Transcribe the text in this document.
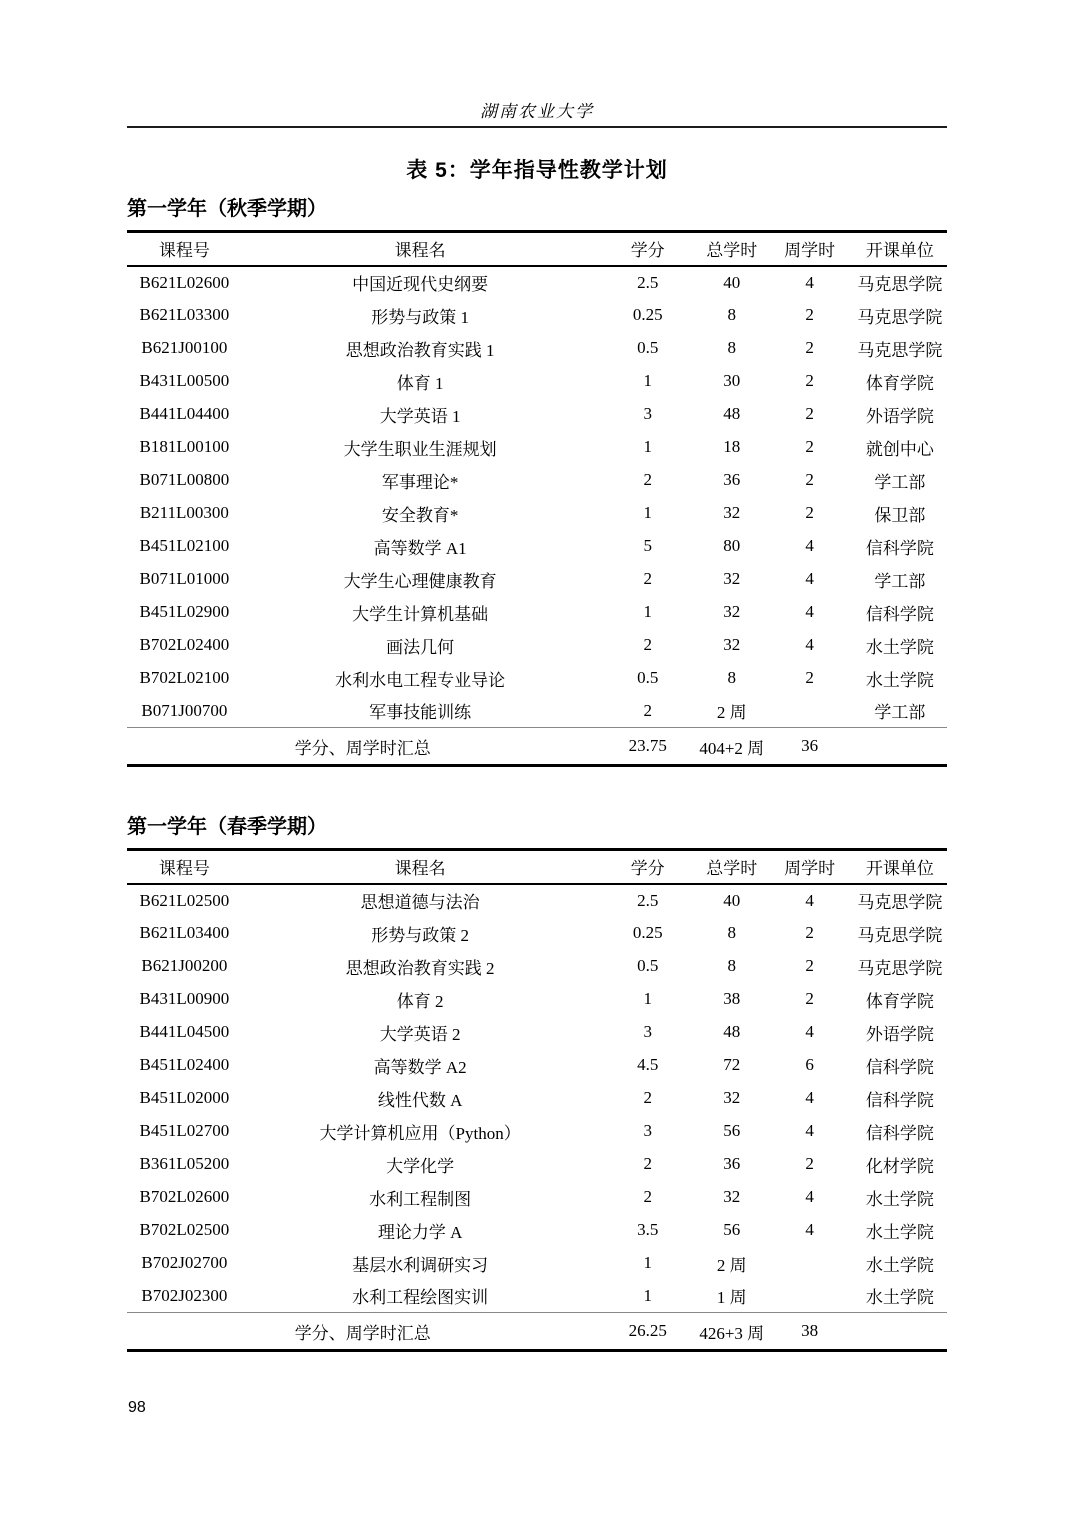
湖南农业大学
表 5：学年指导性教学计划
第一学年（秋季学期）
课程号	课程名	学分	总学时	周学时	开课单位
B621L02600	中国近现代史纲要	2.5	40	4	马克思学院
B621L03300	形势与政策 1	0.25	8	2	马克思学院
B621J00100	思想政治教育实践 1	0.5	8	2	马克思学院
B431L00500	体育 1	1	30	2	体育学院
B441L04400	大学英语 1	3	48	2	外语学院
B181L00100	大学生职业生涯规划	1	18	2	就创中心
B071L00800	军事理论*	2	36	2	学工部
B211L00300	安全教育*	1	32	2	保卫部
B451L02100	高等数学 A1	5	80	4	信科学院
B071L01000	大学生心理健康教育	2	32	4	学工部
B451L02900	大学生计算机基础	1	32	4	信科学院
B702L02400	画法几何	2	32	4	水土学院
B702L02100	水利水电工程专业导论	0.5	8	2	水土学院
B071J00700	军事技能训练	2	2 周		学工部
学分、周学时汇总		23.75	404+2 周	36	
第一学年（春季学期）
课程号	课程名	学分	总学时	周学时	开课单位
B621L02500	思想道德与法治	2.5	40	4	马克思学院
B621L03400	形势与政策 2	0.25	8	2	马克思学院
B621J00200	思想政治教育实践 2	0.5	8	2	马克思学院
B431L00900	体育 2	1	38	2	体育学院
B441L04500	大学英语 2	3	48	4	外语学院
B451L02400	高等数学 A2	4.5	72	6	信科学院
B451L02000	线性代数 A	2	32	4	信科学院
B451L02700	大学计算机应用（Python）	3	56	4	信科学院
B361L05200	大学化学	2	36	2	化材学院
B702L02600	水利工程制图	2	32	4	水土学院
B702L02500	理论力学 A	3.5	56	4	水土学院
B702J02700	基层水利调研实习	1	2 周		水土学院
B702J02300	水利工程绘图实训	1	1 周		水土学院
学分、周学时汇总		26.25	426+3 周	38	
98
